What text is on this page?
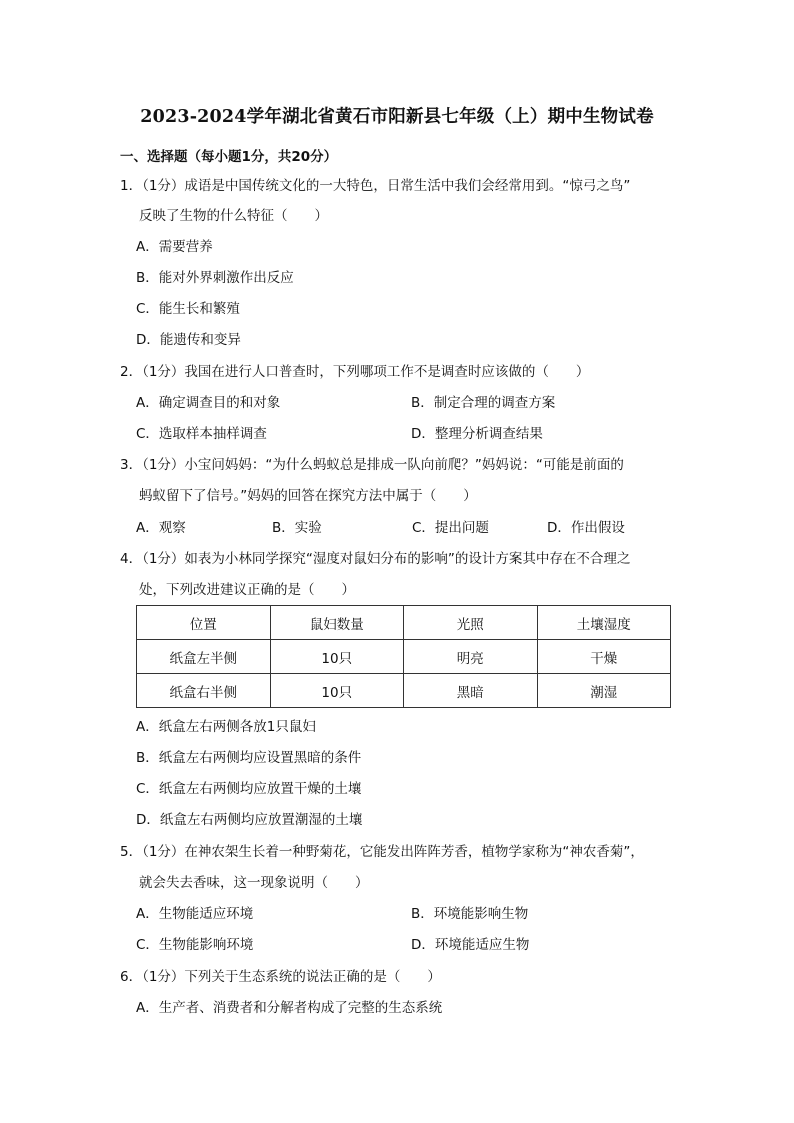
2023-2024学年湖北省黄石市阳新县七年级（上）期中生物试卷
一、选择题（每小题1分，共20分）
1．（1分）成语是中国传统文化的一大特色，日常生活中我们会经常用到。“惊弓之鸟”
反映了生物的什么特征（　　）
A．需要营养
B．能对外界刺激作出反应
C．能生长和繁殖
D．能遗传和变异
2．（1分）我国在进行人口普查时，下列哪项工作不是调查时应该做的（　　）
A．确定调查目的和对象	B．制定合理的调查方案
C．选取样本抽样调查	D．整理分析调查结果
3．（1分）小宝问妈妈：“为什么蚂蚁总是排成一队向前爬？”妈妈说：“可能是前面的
蚂蚁留下了信号。”妈妈的回答在探究方法中属于（　　）
A．观察	B．实验	C．提出问题	D．作出假设
4．（1分）如表为小林同学探究“湿度对鼠妇分布的影响”的设计方案其中存在不合理之
处，下列改进建议正确的是（　　）
位置	鼠妇数量	光照	土壤湿度
纸盒左半侧	10只	明亮	干燥
纸盒右半侧	10只	黑暗	潮湿
A．纸盒左右两侧各放1只鼠妇
B．纸盒左右两侧均应设置黑暗的条件
C．纸盒左右两侧均应放置干燥的土壤
D．纸盒左右两侧均应放置潮湿的土壤
5．（1分）在神农架生长着一种野菊花，它能发出阵阵芳香，植物学家称为“神农香菊”，
就会失去香味，这一现象说明（　　）
A．生物能适应环境	B．环境能影响生物
C．生物能影响环境	D．环境能适应生物
6．（1分）下列关于生态系统的说法正确的是（　　）
A．生产者、消费者和分解者构成了完整的生态系统
